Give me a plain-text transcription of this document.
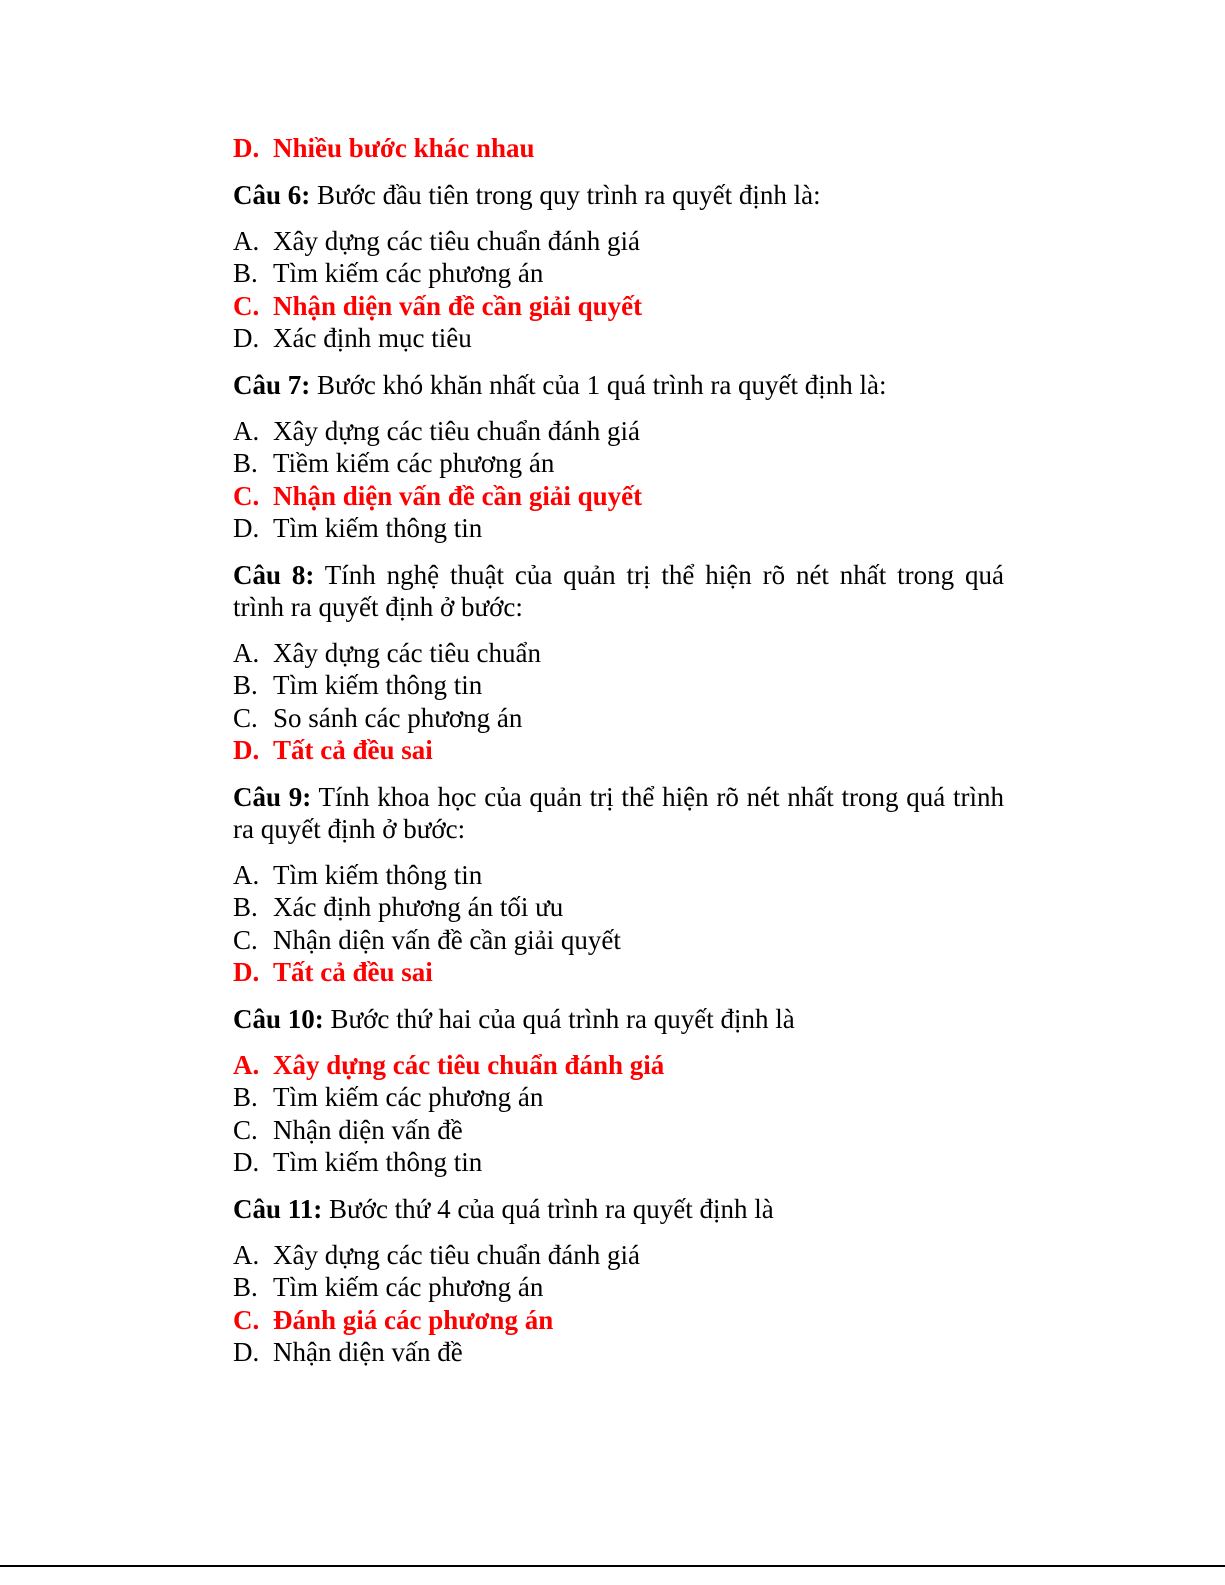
D. Nhiều bước khác nhau
Câu 6: Bước đầu tiên trong quy trình ra quyết định là:
A. Xây dựng các tiêu chuẩn đánh giá
B. Tìm kiếm các phương án
C. Nhận diện vấn đề cần giải quyết
D. Xác định mục tiêu
Câu 7: Bước khó khăn nhất của 1 quá trình ra quyết định là:
A. Xây dựng các tiêu chuẩn đánh giá
B. Tiềm kiếm các phương án
C. Nhận diện vấn đề cần giải quyết
D. Tìm kiếm thông tin
Câu 8: Tính nghệ thuật của quản trị thể hiện rõ nét nhất trong quá trình ra quyết định ở bước:
A. Xây dựng các tiêu chuẩn
B. Tìm kiếm thông tin
C. So sánh các phương án
D. Tất cả đều sai
Câu 9: Tính khoa học của quản trị thể hiện rõ nét nhất trong quá trình ra quyết định ở bước:
A. Tìm kiếm thông tin
B. Xác định phương án tối ưu
C. Nhận diện vấn đề cần giải quyết
D. Tất cả đều sai
Câu 10: Bước thứ hai của quá trình ra quyết định là
A. Xây dựng các tiêu chuẩn đánh giá
B. Tìm kiếm các phương án
C. Nhận diện vấn đề
D. Tìm kiếm thông tin
Câu 11: Bước thứ 4 của quá trình ra quyết định là
A. Xây dựng các tiêu chuẩn đánh giá
B. Tìm kiếm các phương án
C. Đánh giá các phương án
D. Nhận diện vấn đề
